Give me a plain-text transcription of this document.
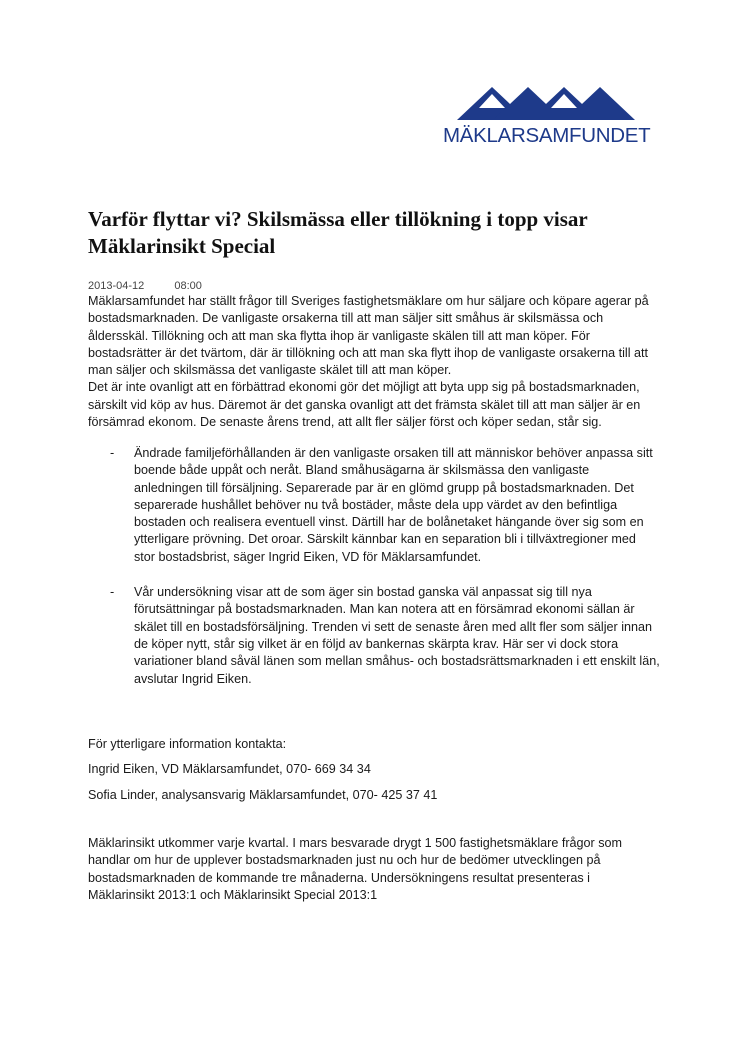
MÄKLARSAMFUNDET
Varför flyttar vi? Skilsmässa eller tillökning i topp visar Mäklarinsikt Special
2013-04-12	08:00

Mäklarsamfundet har ställt frågor till Sveriges fastighetsmäklare om hur säljare och köpare agerar på
bostadsmarknaden. De vanligaste orsakerna till att man säljer sitt småhus är skilsmässa och
åldersskäl. Tillökning och att man ska flytta ihop är vanligaste skälen till att man köper. För
bostadsrätter är det tvärtom, där är tillökning och att man ska flytt ihop de vanligaste orsakerna till att
man säljer och skilsmässa det vanligaste skälet till att man köper.
Det är inte ovanligt att en förbättrad ekonomi gör det möjligt att byta upp sig på bostadsmarknaden,
särskilt vid köp av hus. Däremot är det ganska ovanligt att det främsta skälet till att man säljer är en
försämrad ekonom. De senaste årens trend, att allt fler säljer först och köper sedan, står sig.

- Ändrade familjeförhållanden är den vanligaste orsaken till att människor behöver anpassa sitt
boende både uppåt och neråt. Bland småhusägarna är skilsmässa den vanligaste
anledningen till försäljning. Separerade par är en glömd grupp på bostadsmarknaden. Det
separerade hushållet behöver nu två bostäder, måste dela upp värdet av den befintliga
bostaden och realisera eventuell vinst. Därtill har de bolånetaket hängande över sig som en
ytterligare prövning. Det oroar. Särskilt kännbar kan en separation bli i tillväxtregioner med
stor bostadsbrist, säger Ingrid Eiken, VD för Mäklarsamfundet.
- Vår undersökning visar att de som äger sin bostad ganska väl anpassat sig till nya
förutsättningar på bostadsmarknaden. Man kan notera att en försämrad ekonomi sällan är
skälet till en bostadsförsäljning. Trenden vi sett de senaste åren med allt fler som säljer innan
de köper nytt, står sig vilket är en följd av bankernas skärpta krav. Här ser vi dock stora
variationer bland såväl länen som mellan småhus- och bostadsrättsmarknaden i ett enskilt län,
avslutar Ingrid Eiken.

För ytterligare information kontakta:

Ingrid Eiken, VD Mäklarsamfundet, 070- 669 34 34

Sofia Linder, analysansvarig Mäklarsamfundet, 070- 425 37 41

Mäklarinsikt utkommer varje kvartal. I mars besvarade drygt 1 500 fastighetsmäklare frågor som
handlar om hur de upplever bostadsmarknaden just nu och hur de bedömer utvecklingen på
bostadsmarknaden de kommande tre månaderna. Undersökningens resultat presenteras i
Mäklarinsikt 2013:1 och Mäklarinsikt Special 2013:1
